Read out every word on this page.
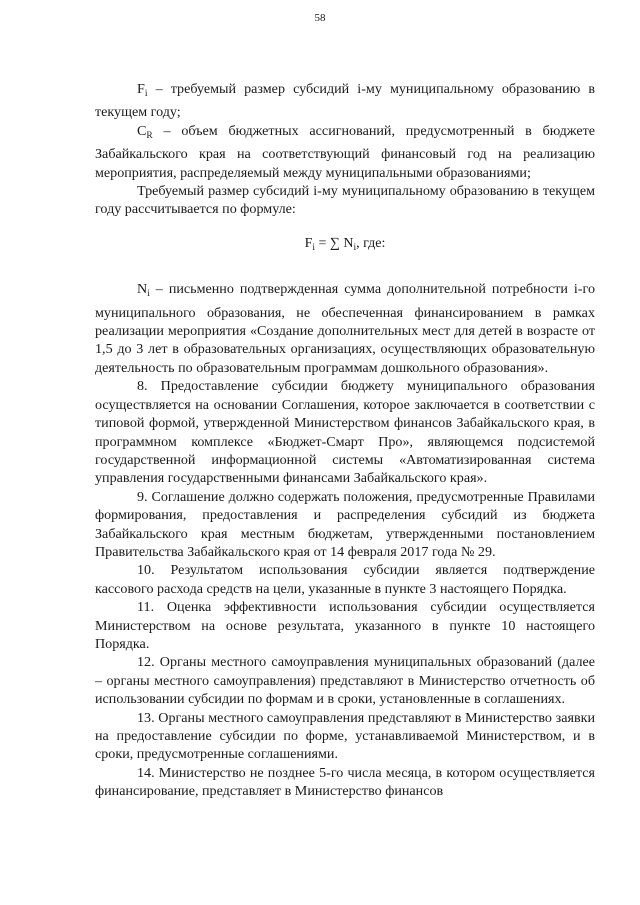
58

$F_i$ – требуемый размер субсидий i-му муниципальному образованию в текущем году;

$C_R$ – объем бюджетных ассигнований, предусмотренный в бюджете Забайкальского края на соответствующий финансовый год на реализацию мероприятия, распределяемый между муниципальными образованиями;

Требуемый размер субсидий i-му муниципальному образованию в текущем году рассчитывается по формуле:

$F_i$ = ∑ $N_i$, где:

$N_i$ – письменно подтвержденная сумма дополнительной потребности i-го муниципального образования, не обеспеченная финансированием в рамках реализации мероприятия «Создание дополнительных мест для детей в возрасте от 1,5 до 3 лет в образовательных организациях, осуществляющих образовательную деятельность по образовательным программам дошкольного образования».

8. Предоставление субсидии бюджету муниципального образования осуществляется на основании Соглашения, которое заключается в соответствии с типовой формой, утвержденной Министерством финансов Забайкальского края, в программном комплексе «Бюджет-Смарт Про», являющемся подсистемой государственной информационной системы «Автоматизированная система управления государственными финансами Забайкальского края».

9. Соглашение должно содержать положения, предусмотренные Правилами формирования, предоставления и распределения субсидий из бюджета Забайкальского края местным бюджетам, утвержденными постановлением Правительства Забайкальского края от 14 февраля 2017 года № 29.

10. Результатом использования субсидии является подтверждение кассового расхода средств на цели, указанные в пункте 3 настоящего Порядка.

11. Оценка эффективности использования субсидии осуществляется Министерством на основе результата, указанного в пункте 10 настоящего Порядка.

12. Органы местного самоуправления муниципальных образований (далее – органы местного самоуправления) представляют в Министерство отчетность об использовании субсидии по формам и в сроки, установленные в соглашениях.

13. Органы местного самоуправления представляют в Министерство заявки на предоставление субсидии по форме, устанавливаемой Министерством, и в сроки, предусмотренные соглашениями.

14. Министерство не позднее 5-го числа месяца, в котором осуществляется финансирование, представляет в Министерство финансов
